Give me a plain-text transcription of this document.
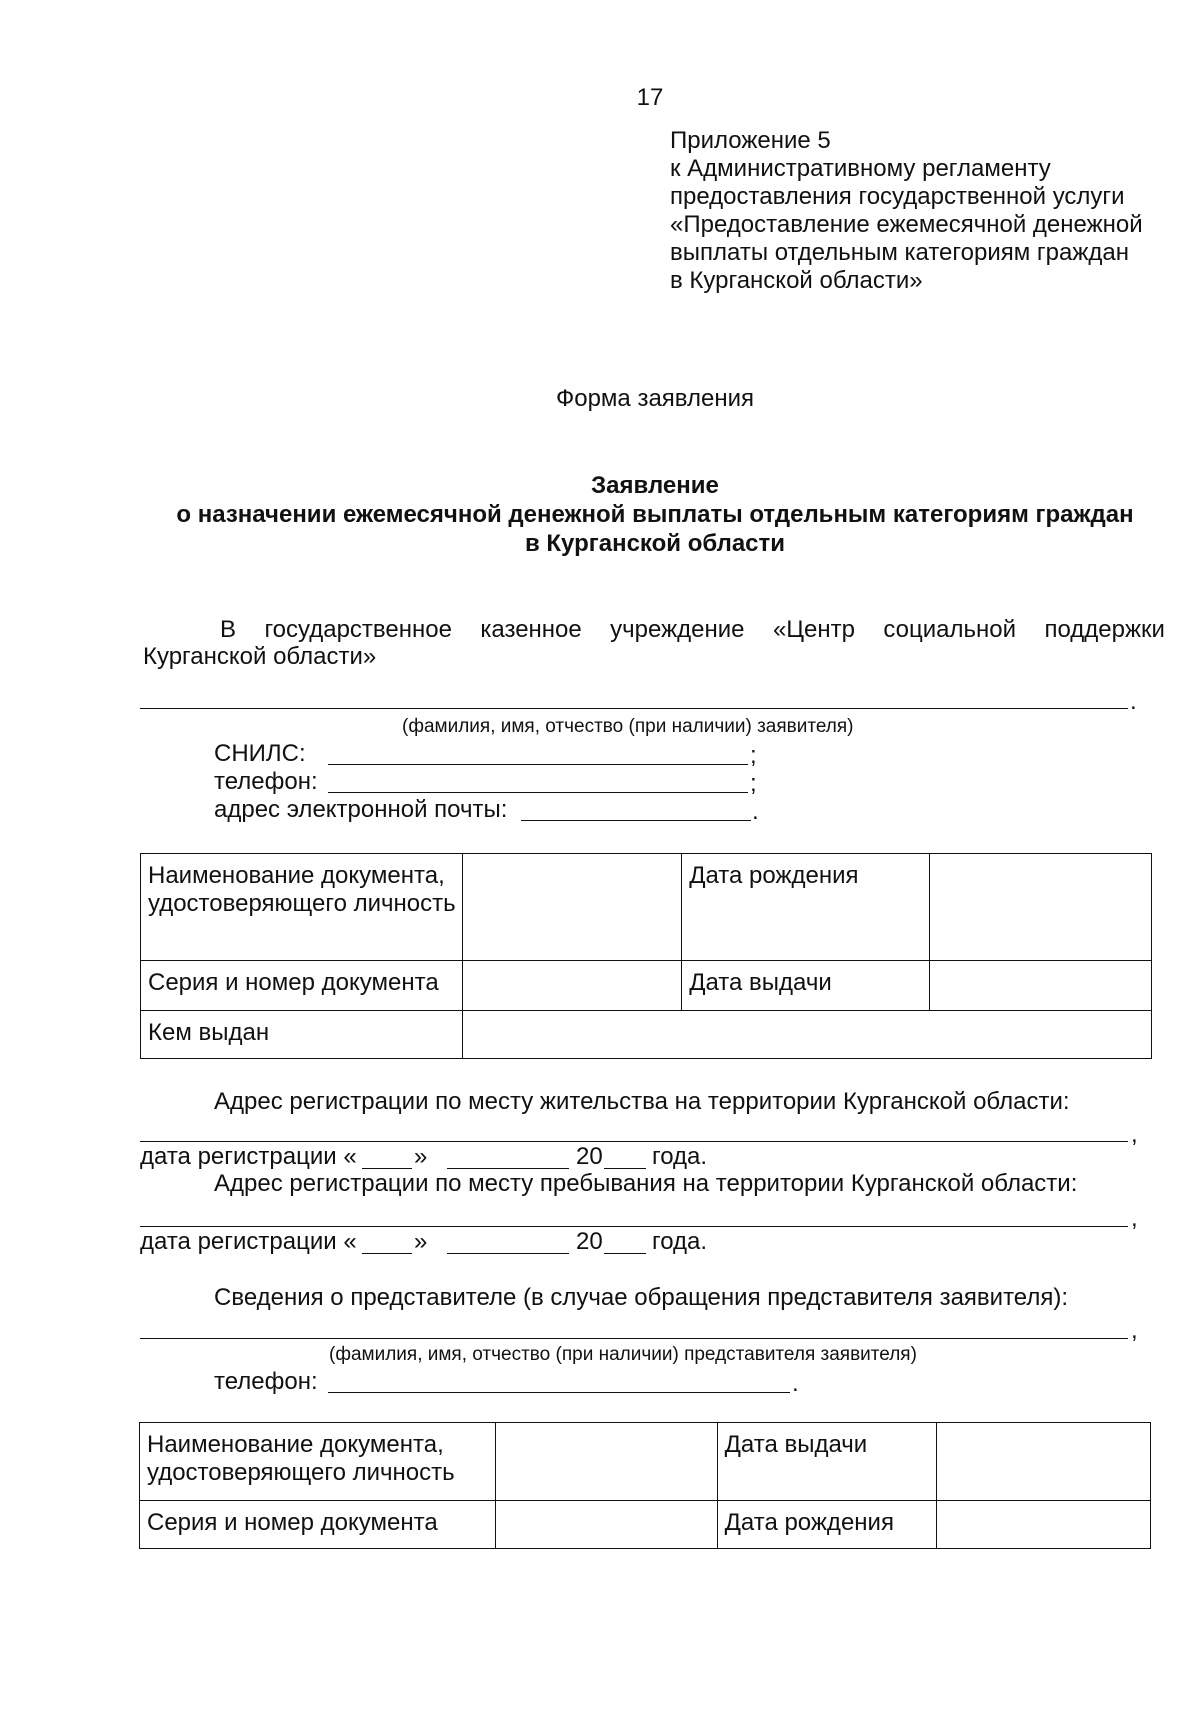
17
Приложение 5
к Административному регламенту
предоставления государственной услуги
«Предоставление ежемесячной денежной
выплаты отдельным категориям граждан
в Курганской области»
Форма заявления
Заявление
о назначении ежемесячной денежной выплаты отдельным категориям граждан
в Курганской области
В государственное казенное учреждение «Центр социальной поддержки
Курганской области»
.
(фамилия, имя, отчество (при наличии) заявителя)
СНИЛС:	;
телефон:	;
адрес электронной почты:	.
Наименование документа, удостоверяющего личность		Дата рождения	
Серия и номер документа		Дата выдачи	
Кем выдан			
Адрес регистрации по месту жительства на территории Курганской области:
,
дата регистрации « »	20 года.
Адрес регистрации по месту пребывания на территории Курганской области:
,
дата регистрации « »	20 года.
Сведения о представителе (в случае обращения представителя заявителя):
,
(фамилия, имя, отчество (при наличии) представителя заявителя)
телефон:	.
Наименование документа, удостоверяющего личность		Дата выдачи	
Серия и номер документа		Дата рождения	
